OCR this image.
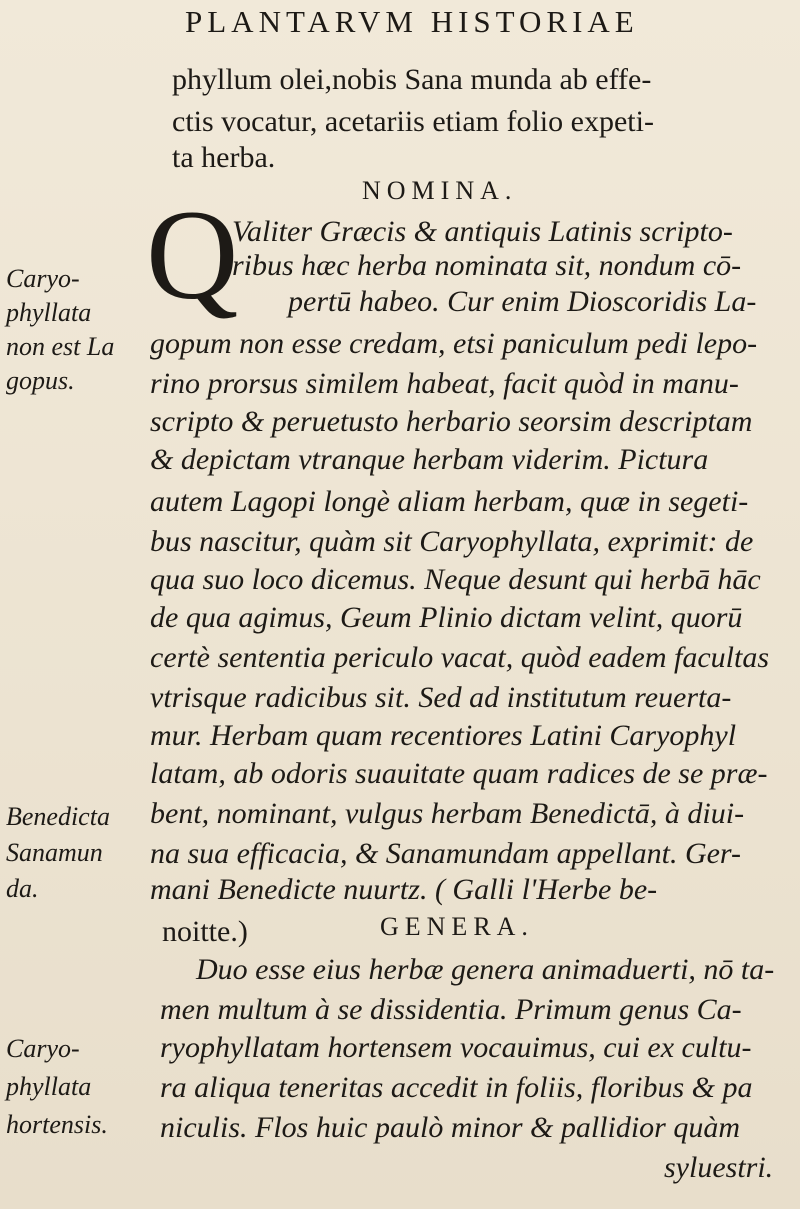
PLANTARVM HISTORIAE
phyllum olei,nobis Sana munda ab effe-
ctis vocatur, acetariis etiam folio expeti-
ta herba.
NOMINA.
Q
Valiter Græcis & antiquis Latinis scripto-
ribus hæc herba nominata sit, nondum cō-
pertū habeo. Cur enim Dioscoridis La-
gopum non esse credam, etsi paniculum pedi lepo-
rino prorsus similem habeat, facit quòd in manu-
scripto & peruetusto herbario seorsim descriptam
& depictam vtranque herbam viderim. Pictura
autem Lagopi longè aliam herbam, quæ in segeti-
bus nascitur, quàm sit Caryophyllata, exprimit: de
qua suo loco dicemus. Neque desunt qui herbā hāc
de qua agimus, Geum Plinio dictam velint, quorū
certè sententia periculo vacat, quòd eadem facultas
vtrisque radicibus sit. Sed ad institutum reuerta-
mur. Herbam quam recentiores Latini Caryophyl
latam, ab odoris suauitate quam radices de se præ-
bent, nominant, vulgus herbam Benedictā, à diui-
na sua efficacia, & Sanamundam appellant. Ger-
mani Benedicte nuurtz. ( Galli l'Herbe be-
noitte.)	GENERA.
Duo esse eius herbæ genera animaduerti, nō ta-
men multum à se dissidentia. Primum genus Ca-
ryophyllatam hortensem vocauimus, cui ex cultu-
ra aliqua teneritas accedit in foliis, floribus & pa
niculis. Flos huic paulò minor & pallidior quàm
syluestri.
Caryo-
phyllata
non est La
gopus.
Benedicta
Sanamun
da.
Caryo-
phyllata
hortensis.
